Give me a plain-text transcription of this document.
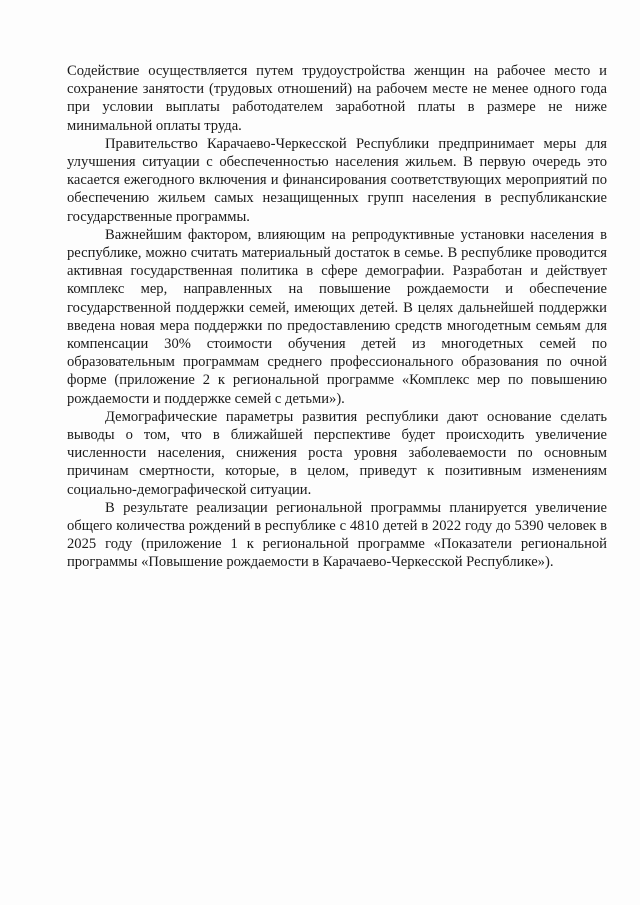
Содействие осуществляется путем трудоустройства женщин на рабочее место и сохранение занятости (трудовых отношений) на рабочем месте не менее одного года при условии выплаты работодателем заработной платы в размере не ниже минимальной оплаты труда.

Правительство Карачаево-Черкесской Республики предпринимает меры для улучшения ситуации с обеспеченностью населения жильем. В первую очередь это касается ежегодного включения и финансирования соответствующих мероприятий по обеспечению жильем самых незащищенных групп населения в республиканские государственные программы.

Важнейшим фактором, влияющим на репродуктивные установки населения в республике, можно считать материальный достаток в семье. В республике проводится активная государственная политика в сфере демографии. Разработан и действует комплекс мер, направленных на повышение рождаемости и обеспечение государственной поддержки семей, имеющих детей. В целях дальнейшей поддержки введена новая мера поддержки по предоставлению средств многодетным семьям для компенсации 30% стоимости обучения детей из многодетных семей по образовательным программам среднего профессионального образования по очной форме (приложение 2 к региональной программе «Комплекс мер по повышению рождаемости и поддержке семей с детьми»).

Демографические параметры развития республики дают основание сделать выводы о том, что в ближайшей перспективе будет происходить увеличение численности населения, снижения роста уровня заболеваемости по основным причинам смертности, которые, в целом, приведут к позитивным изменениям социально-демографической ситуации.

В результате реализации региональной программы планируется увеличение общего количества рождений в республике с 4810 детей в 2022 году до 5390 человек в 2025 году (приложение 1 к региональной программе «Показатели региональной программы «Повышение рождаемости в Карачаево-Черкесской Республике»).
